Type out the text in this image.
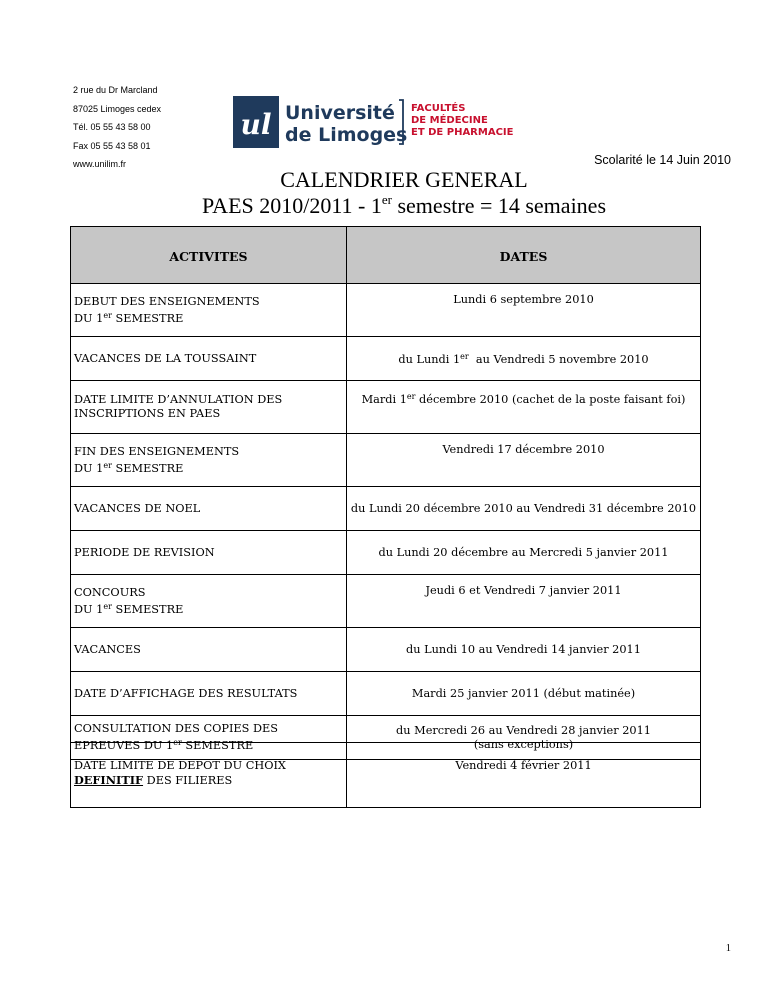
2 rue du Dr Marcland
87025 Limoges cedex
Tél. 05 55 43 58 00
Fax 05 55 43 58 01
www.unilim.fr
ul Université
de Limoges
FACULTÉS
DE MÉDECINE
ET DE PHARMACIE
Scolarité le 14 Juin 2010
CALENDRIER GENERAL
PAES 2010/2011 - 1er semestre = 14 semaines
ACTIVITES	DATES
DEBUT DES ENSEIGNEMENTS
DU 1er SEMESTRE	Lundi 6 septembre 2010
VACANCES DE LA TOUSSAINT	du Lundi 1er  au Vendredi 5 novembre 2010
DATE LIMITE D’ANNULATION DES
INSCRIPTIONS EN PAES	Mardi 1er décembre 2010 (cachet de la poste faisant foi)
FIN DES ENSEIGNEMENTS
DU 1er SEMESTRE	Vendredi 17 décembre 2010
VACANCES DE NOEL	du Lundi 20 décembre 2010 au Vendredi 31 décembre 2010
PERIODE DE REVISION	du Lundi 20 décembre au Mercredi 5 janvier 2011
CONCOURS
DU 1er SEMESTRE	Jeudi 6 et Vendredi 7 janvier 2011
VACANCES	du Lundi 10 au Vendredi 14 janvier 2011
DATE D’AFFICHAGE DES RESULTATS	Mardi 25 janvier 2011 (début matinée)
CONSULTATION DES COPIES DES
EPREUVES DU 1er SEMESTRE	du Mercredi 26 au Vendredi 28 janvier 2011
(sans exceptions)
DATE LIMITE DE DEPOT DU CHOIX
DEFINITIF DES FILIERES	Vendredi 4 février 2011
1
